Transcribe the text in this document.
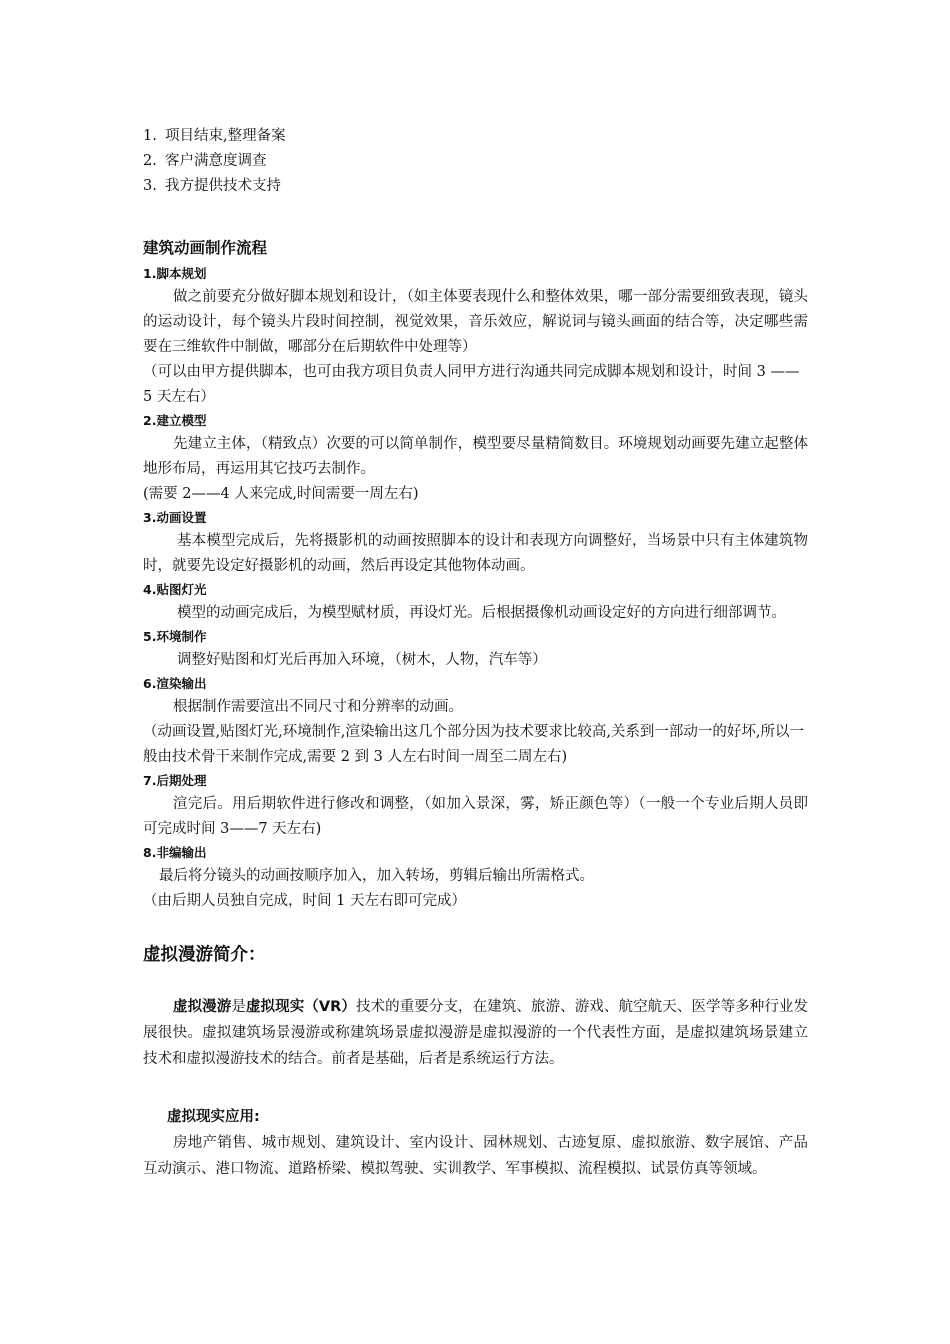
1. 项目结束,整理备案
2. 客户满意度调查
3. 我方提供技术支持
建筑动画制作流程
1.脚本规划

做之前要充分做好脚本规划和设计，（如主体要表现什么和整体效果，哪一部分需要细致表现，镜头的运动设计，每个镜头片段时间控制，视觉效果，音乐效应，解说词与镜头画面的结合等，决定哪些需要在三维软件中制做，哪部分在后期软件中处理等）

（可以由甲方提供脚本，也可由我方项目负责人同甲方进行沟通共同完成脚本规划和设计，时间 3 —— 5 天左右）

2.建立模型

先建立主体，（精致点）次要的可以简单制作，模型要尽量精简数目。环境规划动画要先建立起整体地形布局，再运用其它技巧去制作。

(需要 2——4 人来完成,时间需要一周左右)

3.动画设置

基本模型完成后，先将摄影机的动画按照脚本的设计和表现方向调整好，当场景中只有主体建筑物时，就要先设定好摄影机的动画，然后再设定其他物体动画。

4.贴图灯光

模型的动画完成后，为模型赋材质，再设灯光。后根据摄像机动画设定好的方向进行细部调节。

5.环境制作

调整好贴图和灯光后再加入环境，（树木，人物，汽车等）

6.渲染输出

根据制作需要渲出不同尺寸和分辨率的动画。

（动画设置,贴图灯光,环境制作,渲染输出这几个部分因为技术要求比较高,关系到一部动一的好坏,所以一般由技术骨干来制作完成,需要 2 到 3 人左右时间一周至二周左右)

7.后期处理

渲完后。用后期软件进行修改和调整，（如加入景深，雾，矫正颜色等）（一般一个专业后期人员即可完成时间 3——7 天左右)

8.非编输出

最后将分镜头的动画按顺序加入，加入转场，剪辑后输出所需格式。

（由后期人员独自完成，时间 1 天左右即可完成）

虚拟漫游简介：

虚拟漫游是虚拟现实（VR）技术的重要分支，在建筑、旅游、游戏、航空航天、医学等多种行业发展很快。虚拟建筑场景漫游或称建筑场景虚拟漫游是虚拟漫游的一个代表性方面，是虚拟建筑场景建立技术和虚拟漫游技术的结合。前者是基础，后者是系统运行方法。

虚拟现实应用:

房地产销售、城市规划、建筑设计、室内设计、园林规划、古迹复原、虚拟旅游、数字展馆、产品互动演示、港口物流、道路桥梁、模拟驾驶、实训教学、军事模拟、流程模拟、试景仿真等领域。
